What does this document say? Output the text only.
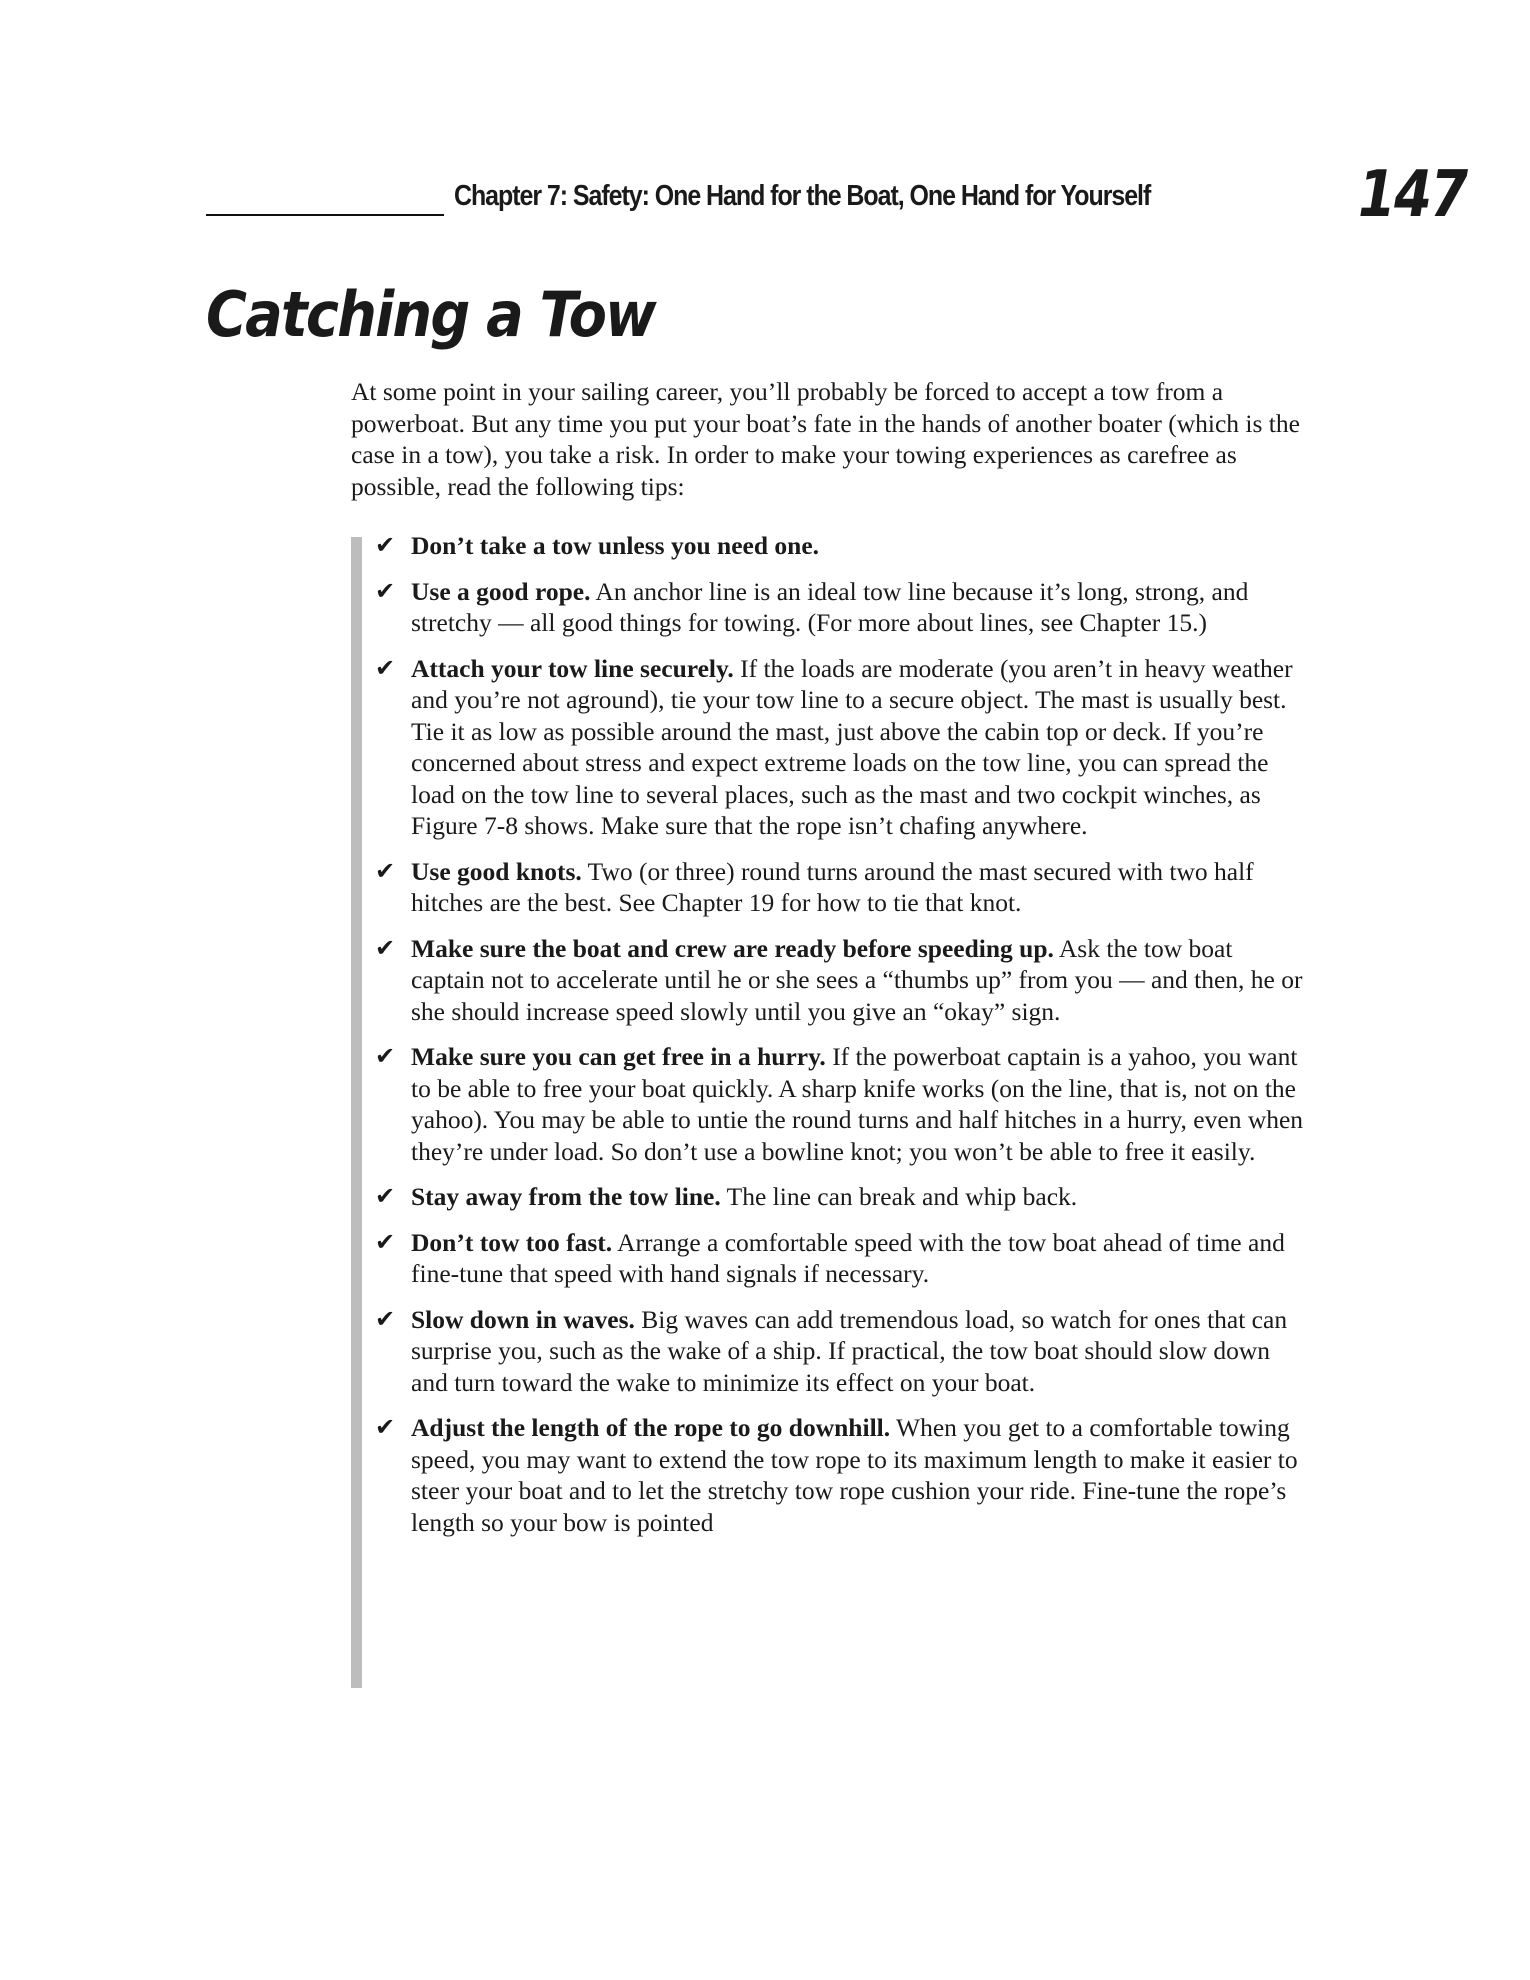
Chapter 7: Safety: One Hand for the Boat, One Hand for Yourself	147
Catching a Tow

At some point in your sailing career, you’ll probably be forced to accept a tow from a powerboat. But any time you put your boat’s fate in the hands of another boater (which is the case in a tow), you take a risk. In order to make your towing experiences as carefree as possible, read the following tips:

✔ Don’t take a tow unless you need one.
✔ Use a good rope. An anchor line is an ideal tow line because it’s long, strong, and stretchy — all good things for towing. (For more about lines, see Chapter 15.)
✔ Attach your tow line securely. If the loads are moderate (you aren’t in heavy weather and you’re not aground), tie your tow line to a secure object. The mast is usually best. Tie it as low as possible around the mast, just above the cabin top or deck. If you’re concerned about stress and expect extreme loads on the tow line, you can spread the load on the tow line to several places, such as the mast and two cockpit winches, as Figure 7-8 shows. Make sure that the rope isn’t chafing anywhere.
✔ Use good knots. Two (or three) round turns around the mast secured with two half hitches are the best. See Chapter 19 for how to tie that knot.
✔ Make sure the boat and crew are ready before speeding up. Ask the tow boat captain not to accelerate until he or she sees a “thumbs up” from you — and then, he or she should increase speed slowly until you give an “okay” sign.
✔ Make sure you can get free in a hurry. If the powerboat captain is a yahoo, you want to be able to free your boat quickly. A sharp knife works (on the line, that is, not on the yahoo). You may be able to untie the round turns and half hitches in a hurry, even when they’re under load. So don’t use a bowline knot; you won’t be able to free it easily.
✔ Stay away from the tow line. The line can break and whip back.
✔ Don’t tow too fast. Arrange a comfortable speed with the tow boat ahead of time and fine-tune that speed with hand signals if necessary.
✔ Slow down in waves. Big waves can add tremendous load, so watch for ones that can surprise you, such as the wake of a ship. If practical, the tow boat should slow down and turn toward the wake to minimize its effect on your boat.
✔ Adjust the length of the rope to go downhill. When you get to a comfortable towing speed, you may want to extend the tow rope to its maximum length to make it easier to steer your boat and to let the stretchy tow rope cushion your ride. Fine-tune the rope’s length so your bow is pointed
